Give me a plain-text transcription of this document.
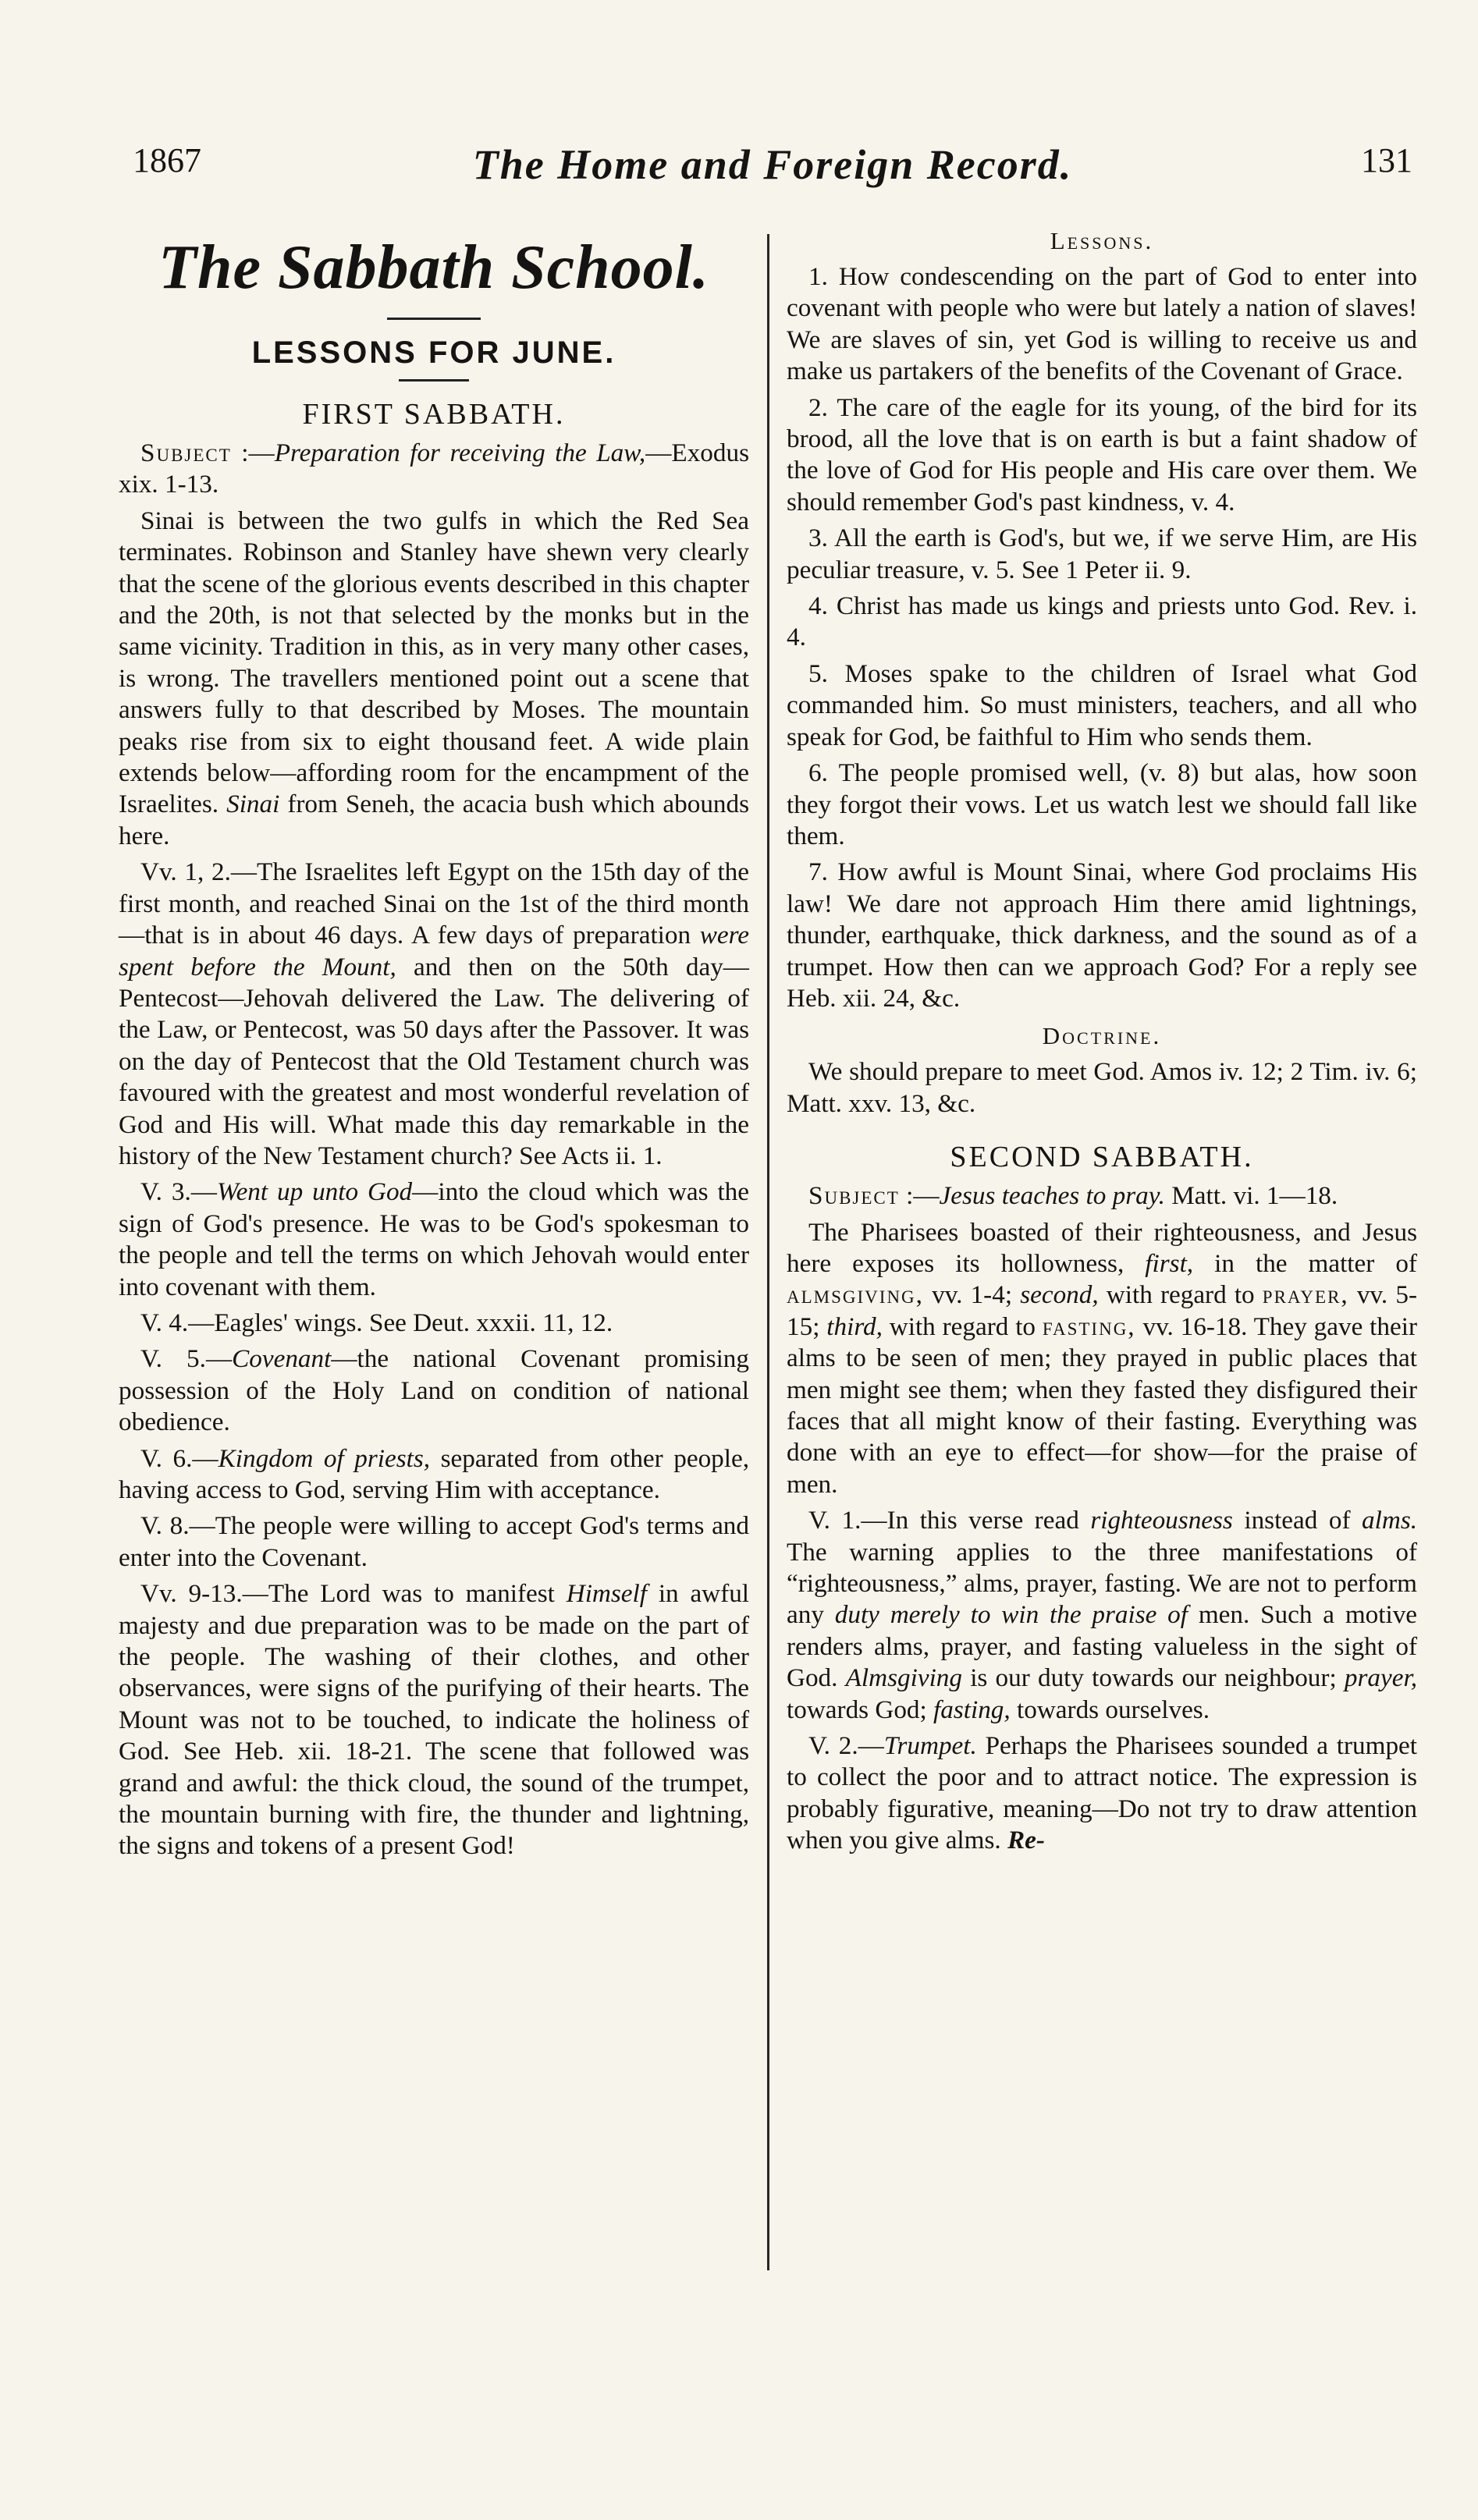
1867	The Home and Foreign Record.	131
The Sabbath School.
LESSONS FOR JUNE.
FIRST SABBATH.

Subject :—Preparation for receiving the Law,—Exodus xix. 1-13.

Sinai is between the two gulfs in which the Red Sea terminates. Robinson and Stanley have shewn very clearly that the scene of the glorious events described in this chapter and the 20th, is not that selected by the monks but in the same vicinity. Tradition in this, as in very many other cases, is wrong. The travellers mentioned point out a scene that answers fully to that described by Moses. The mountain peaks rise from six to eight thousand feet. A wide plain extends below—affording room for the encampment of the Israelites. Sinai from Seneh, the acacia bush which abounds here.

Vv. 1, 2.—The Israelites left Egypt on the 15th day of the first month, and reached Sinai on the 1st of the third month—that is in about 46 days. A few days of preparation were spent before the Mount, and then on the 50th day—Pentecost—Jehovah delivered the Law. The delivering of the Law, or Pentecost, was 50 days after the Passover. It was on the day of Pentecost that the Old Testament church was favoured with the greatest and most wonderful revelation of God and His will. What made this day remarkable in the history of the New Testament church? See Acts ii. 1.

V. 3.—Went up unto God—into the cloud which was the sign of God's presence. He was to be God's spokesman to the people and tell the terms on which Jehovah would enter into covenant with them.

V. 4.—Eagles' wings. See Deut. xxxii. 11, 12.

V. 5.—Covenant—the national Covenant promising possession of the Holy Land on condition of national obedience.

V. 6.—Kingdom of priests, separated from other people, having access to God, serving Him with acceptance.

V. 8.—The people were willing to accept God's terms and enter into the Covenant.

Vv. 9-13.—The Lord was to manifest Himself in awful majesty and due preparation was to be made on the part of the people. The washing of their clothes, and other observances, were signs of the purifying of their hearts. The Mount was not to be touched, to indicate the holiness of God. See Heb. xii. 18-21. The scene that followed was grand and awful: the thick cloud, the sound of the trumpet, the mountain burning with fire, the thunder and lightning, the signs and tokens of a present God!

Lessons.

1. How condescending on the part of God to enter into covenant with people who were but lately a nation of slaves! We are slaves of sin, yet God is willing to receive us and make us partakers of the benefits of the Covenant of Grace.

2. The care of the eagle for its young, of the bird for its brood, all the love that is on earth is but a faint shadow of the love of God for His people and His care over them. We should remember God's past kindness, v. 4.

3. All the earth is God's, but we, if we serve Him, are His peculiar treasure, v. 5. See 1 Peter ii. 9.

4. Christ has made us kings and priests unto God. Rev. i. 4.

5. Moses spake to the children of Israel what God commanded him. So must ministers, teachers, and all who speak for God, be faithful to Him who sends them.

6. The people promised well, (v. 8) but alas, how soon they forgot their vows. Let us watch lest we should fall like them.

7. How awful is Mount Sinai, where God proclaims His law! We dare not approach Him there amid lightnings, thunder, earthquake, thick darkness, and the sound as of a trumpet. How then can we approach God? For a reply see Heb. xii. 24, &c.

Doctrine.

We should prepare to meet God. Amos iv. 12; 2 Tim. iv. 6; Matt. xxv. 13, &c.

SECOND SABBATH.

Subject :—Jesus teaches to pray. Matt. vi. 1—18.

The Pharisees boasted of their righteousness, and Jesus here exposes its hollowness, first, in the matter of almsgiving, vv. 1-4; second, with regard to prayer, vv. 5-15; third, with regard to fasting, vv. 16-18. They gave their alms to be seen of men; they prayed in public places that men might see them; when they fasted they disfigured their faces that all might know of their fasting. Everything was done with an eye to effect—for show—for the praise of men.

V. 1.—In this verse read righteousness instead of alms. The warning applies to the three manifestations of “righteousness,” alms, prayer, fasting. We are not to perform any duty merely to win the praise of men. Such a motive renders alms, prayer, and fasting valueless in the sight of God. Almsgiving is our duty towards our neighbour; prayer, towards God; fasting, towards ourselves.

V. 2.—Trumpet. Perhaps the Pharisees sounded a trumpet to collect the poor and to attract notice. The expression is probably figurative, meaning—Do not try to draw attention when you give alms. Re-
